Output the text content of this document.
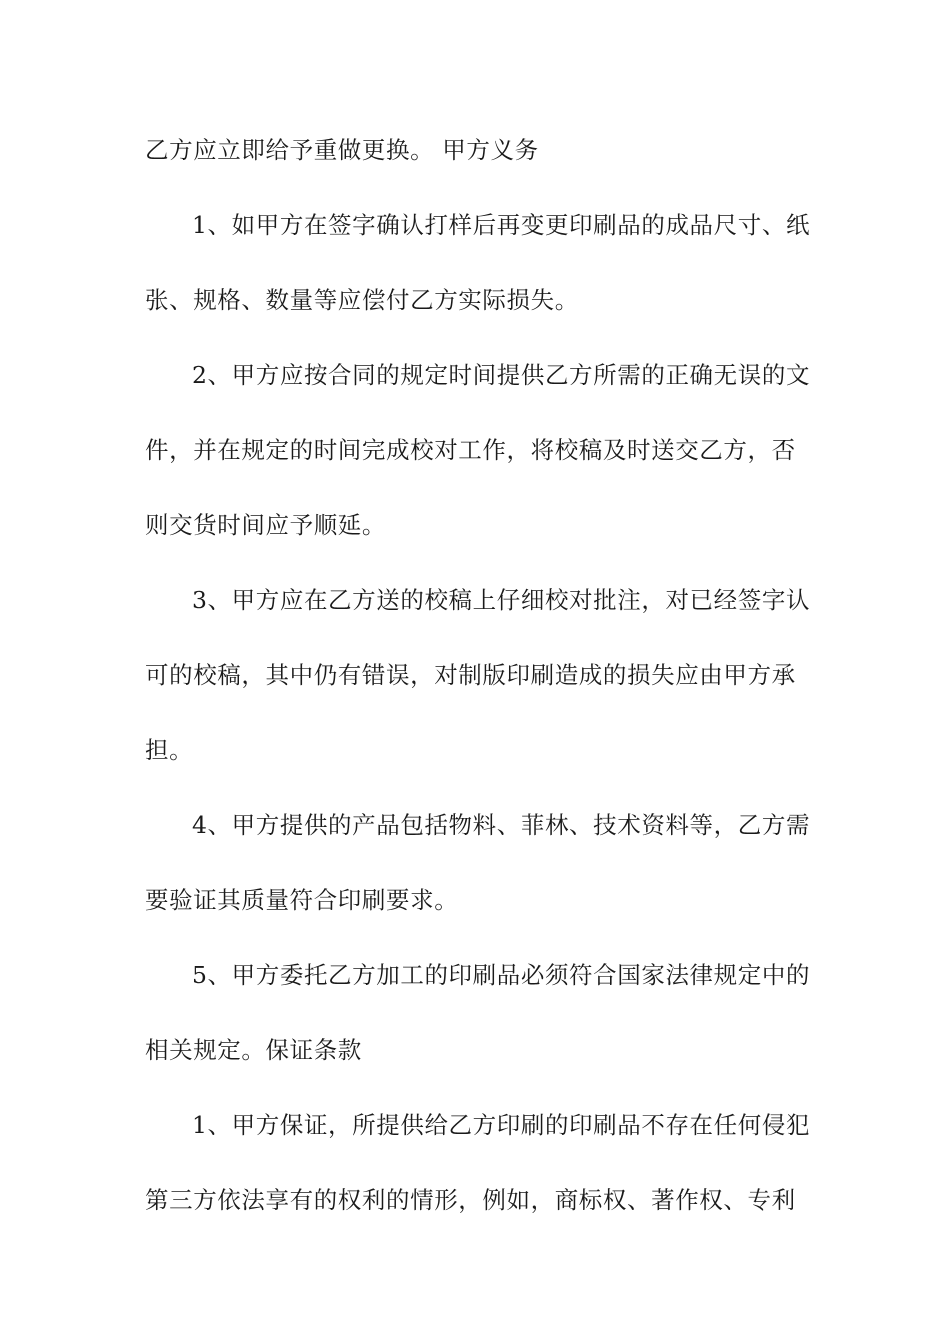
乙方应立即给予重做更换。 甲方义务
1、如甲方在签字确认打样后再变更印刷品的成品尺寸、纸
张、规格、数量等应偿付乙方实际损失。
2、甲方应按合同的规定时间提供乙方所需的正确无误的文
件，并在规定的时间完成校对工作，将校稿及时送交乙方，否
则交货时间应予顺延。
3、甲方应在乙方送的校稿上仔细校对批注，对已经签字认
可的校稿，其中仍有错误，对制版印刷造成的损失应由甲方承
担。
4、甲方提供的产品包括物料、菲林、技术资料等，乙方需
要验证其质量符合印刷要求。
5、甲方委托乙方加工的印刷品必须符合国家法律规定中的
相关规定。保证条款
1、甲方保证，所提供给乙方印刷的印刷品不存在任何侵犯
第三方依法享有的权利的情形，例如，商标权、著作权、专利
